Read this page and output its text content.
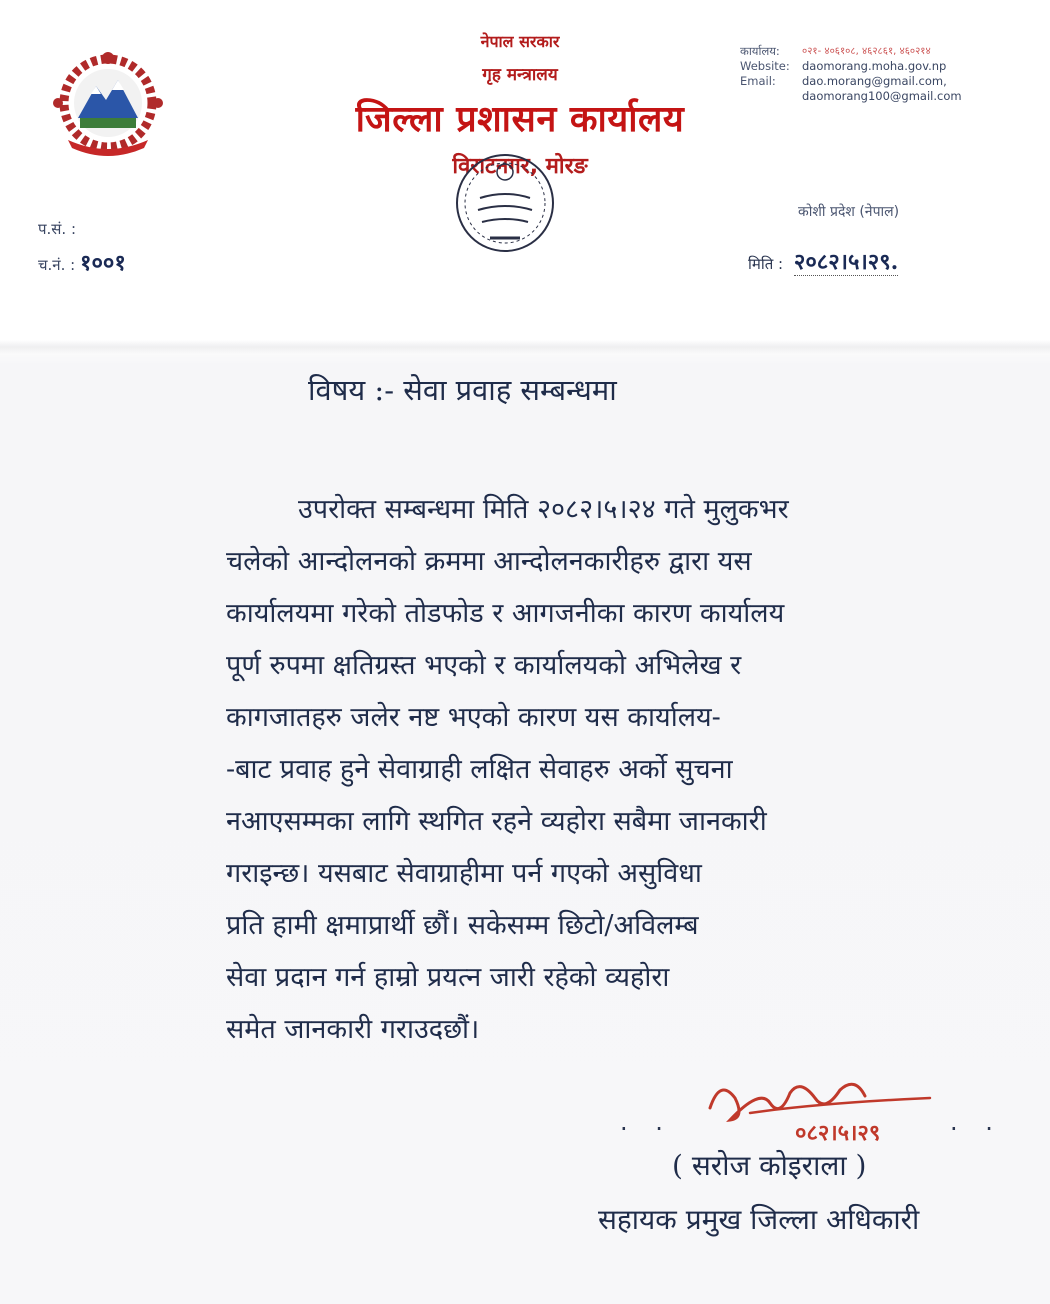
नेपाल सरकार
गृह मन्त्रालय
जिल्ला प्रशासन कार्यालय
विराटनगर, मोरङ
कार्यालय:	०२१- ४०६१०८, ४६२८६१, ४६०२१४
Website:	daomorang.moha.gov.np
Email:	dao.morang@gmail.com,
daomorang100@gmail.com
कोशी प्रदेश (नेपाल)
प.सं. :
च.नं. : १००१	मिति : २०८२।५।२९.
विषय :- सेवा प्रवाह सम्बन्धमा
उपरोक्त सम्बन्धमा मिति २०८२।५।२४ गते मुलुकभर
चलेको आन्दोलनको क्रममा आन्दोलनकारीहरु द्वारा यस
कार्यालयमा गरेको तोडफोड र आगजनीका कारण कार्यालय
पूर्ण रुपमा क्षतिग्रस्त भएको र कार्यालयको अभिलेख र
कागजातहरु जलेर नष्ट भएको कारण यस कार्यालय-
-बाट प्रवाह हुने सेवाग्राही लक्षित सेवाहरु अर्को सुचना
नआएसम्मका लागि स्थगित रहने व्यहोरा सबैमा जानकारी
गराइन्छ। यसबाट सेवाग्राहीमा पर्न गएको असुविधा
प्रति हामी क्षमाप्रार्थी छौं। सकेसम्म छिटो/अविलम्ब
सेवा प्रदान गर्न हाम्रो प्रयत्न जारी रहेको व्यहोरा
समेत जानकारी गराउदछौं।
०८२।५।२९
. .	. .
( सरोज कोइराला )
सहायक प्रमुख जिल्ला अधिकारी
